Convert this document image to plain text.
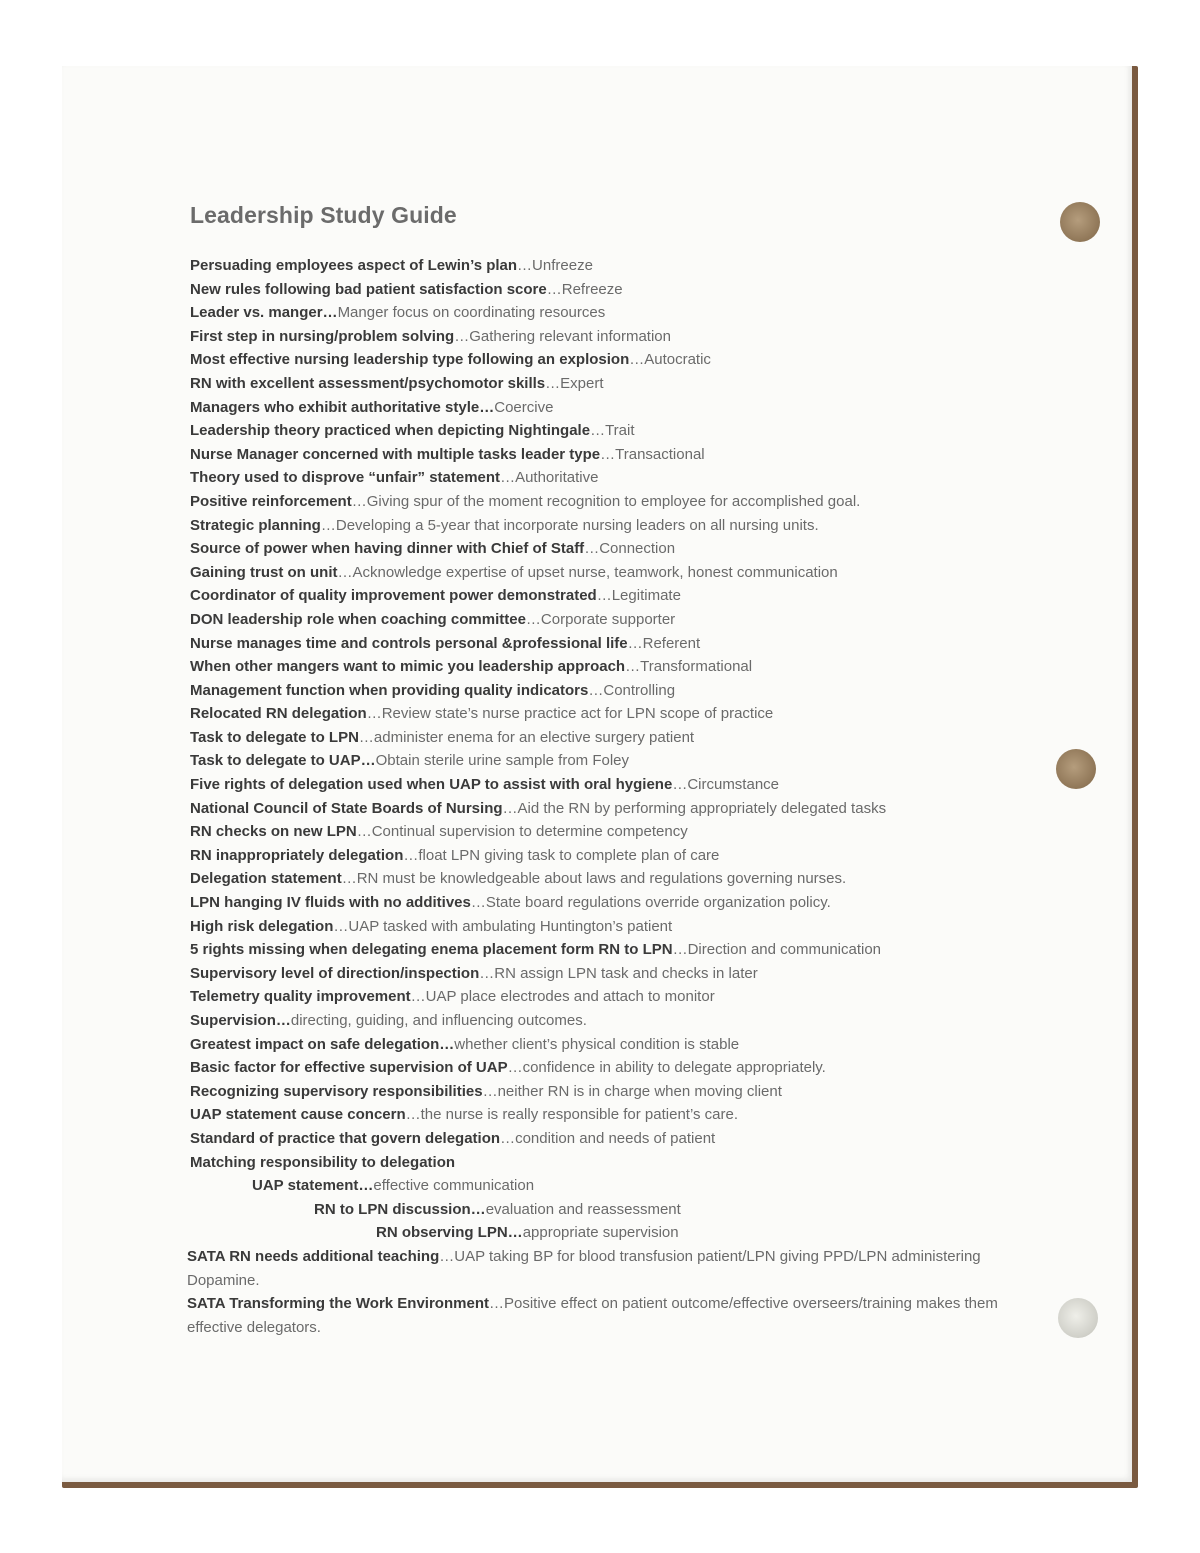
Leadership Study Guide

Persuading employees aspect of Lewin’s plan…Unfreeze

New rules following bad patient satisfaction score…Refreeze

Leader vs. manger…Manger focus on coordinating resources

First step in nursing/problem solving…Gathering relevant information

Most effective nursing leadership type following an explosion…Autocratic

RN with excellent assessment/psychomotor skills…Expert

Managers who exhibit authoritative style…Coercive

Leadership theory practiced when depicting Nightingale…Trait

Nurse Manager concerned with multiple tasks leader type…Transactional

Theory used to disprove “unfair” statement…Authoritative

Positive reinforcement…Giving spur of the moment recognition to employee for accomplished goal.

Strategic planning…Developing a 5-year that incorporate nursing leaders on all nursing units.

Source of power when having dinner with Chief of Staff…Connection

Gaining trust on unit…Acknowledge expertise of upset nurse, teamwork, honest communication

Coordinator of quality improvement power demonstrated…Legitimate

DON leadership role when coaching committee…Corporate supporter

Nurse manages time and controls personal &professional life…Referent

When other mangers want to mimic you leadership approach…Transformational

Management function when providing quality indicators…Controlling

Relocated RN delegation…Review state’s nurse practice act for LPN scope of practice

Task to delegate to LPN…administer enema for an elective surgery patient

Task to delegate to UAP…Obtain sterile urine sample from Foley

Five rights of delegation used when UAP to assist with oral hygiene…Circumstance

National Council of State Boards of Nursing…Aid the RN by performing appropriately delegated tasks

RN checks on new LPN…Continual supervision to determine competency

RN inappropriately delegation…float LPN giving task to complete plan of care

Delegation statement…RN must be knowledgeable about laws and regulations governing nurses.

LPN hanging IV fluids with no additives…State board regulations override organization policy.

High risk delegation…UAP tasked with ambulating Huntington’s patient

5 rights missing when delegating enema placement form RN to LPN…Direction and communication

Supervisory level of direction/inspection…RN assign LPN task and checks in later

Telemetry quality improvement…UAP place electrodes and attach to monitor

Supervision…directing, guiding, and influencing outcomes.

Greatest impact on safe delegation…whether client’s physical condition is stable

Basic factor for effective supervision of UAP…confidence in ability to delegate appropriately.

Recognizing supervisory responsibilities…neither RN is in charge when moving client

UAP statement cause concern…the nurse is really responsible for patient’s care.

Standard of practice that govern delegation…condition and needs of patient

Matching responsibility to delegation

UAP statement…effective communication

RN to LPN discussion…evaluation and reassessment

RN observing LPN…appropriate supervision

SATA RN needs additional teaching…UAP taking BP for blood transfusion patient/LPN giving PPD/LPN administering Dopamine.

SATA Transforming the Work Environment…Positive effect on patient outcome/effective overseers/training makes them effective delegators.
